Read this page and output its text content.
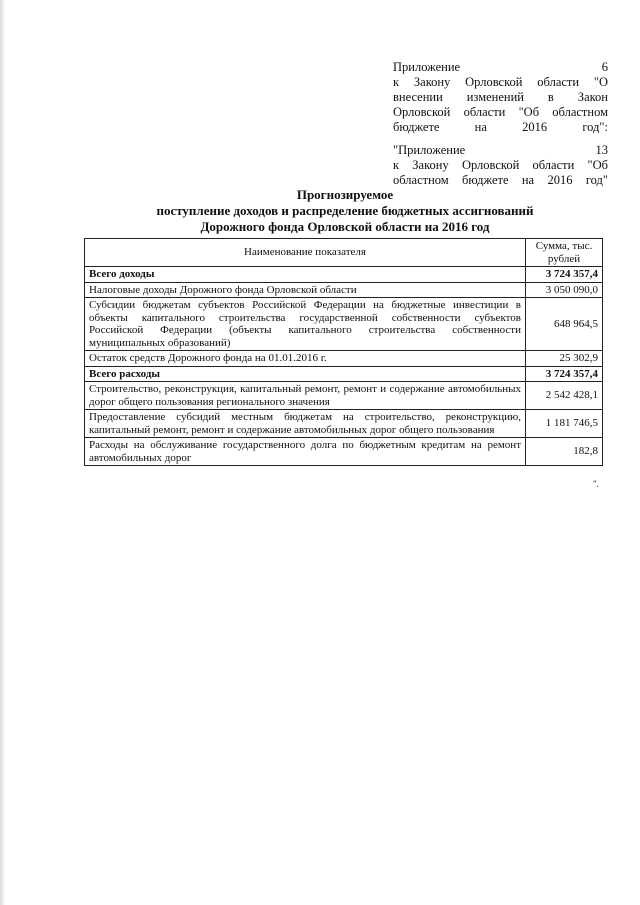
Приложение 6

к Закону Орловской области "О

внесении изменений в Закон

Орловской области "Об областном

бюджете на 2016 год":

"Приложение 13

к Закону Орловской области "Об

областном бюджете на 2016 год"

Прогнозируемое

поступление доходов и распределение бюджетных ассигнований

Дорожного фонда Орловской области на 2016 год

Наименование показателя	Сумма, тыс. рублей
Всего доходы	3 724 357,4
Налоговые доходы Дорожного фонда Орловской области	3 050 090,0
Субсидии бюджетам субъектов Российской Федерации на бюджетные инвестиции в объекты капитального строительства государственной собственности субъектов Российской Федерации (объекты капитального строительства собственности муниципальных образований)	648 964,5
Остаток средств Дорожного фонда на 01.01.2016 г.	25 302,9
Всего расходы	3 724 357,4
Строительство, реконструкция, капитальный ремонт, ремонт и содержание автомобильных дорог общего пользования регионального значения	2 542 428,1
Предоставление субсидий местным бюджетам на строительство, реконструкцию, капитальный ремонт, ремонт и содержание автомобильных дорог общего пользования	1 181 746,5
Расходы на обслуживание государственного долга по бюджетным кредитам на ремонт автомобильных дорог	182,8
".
